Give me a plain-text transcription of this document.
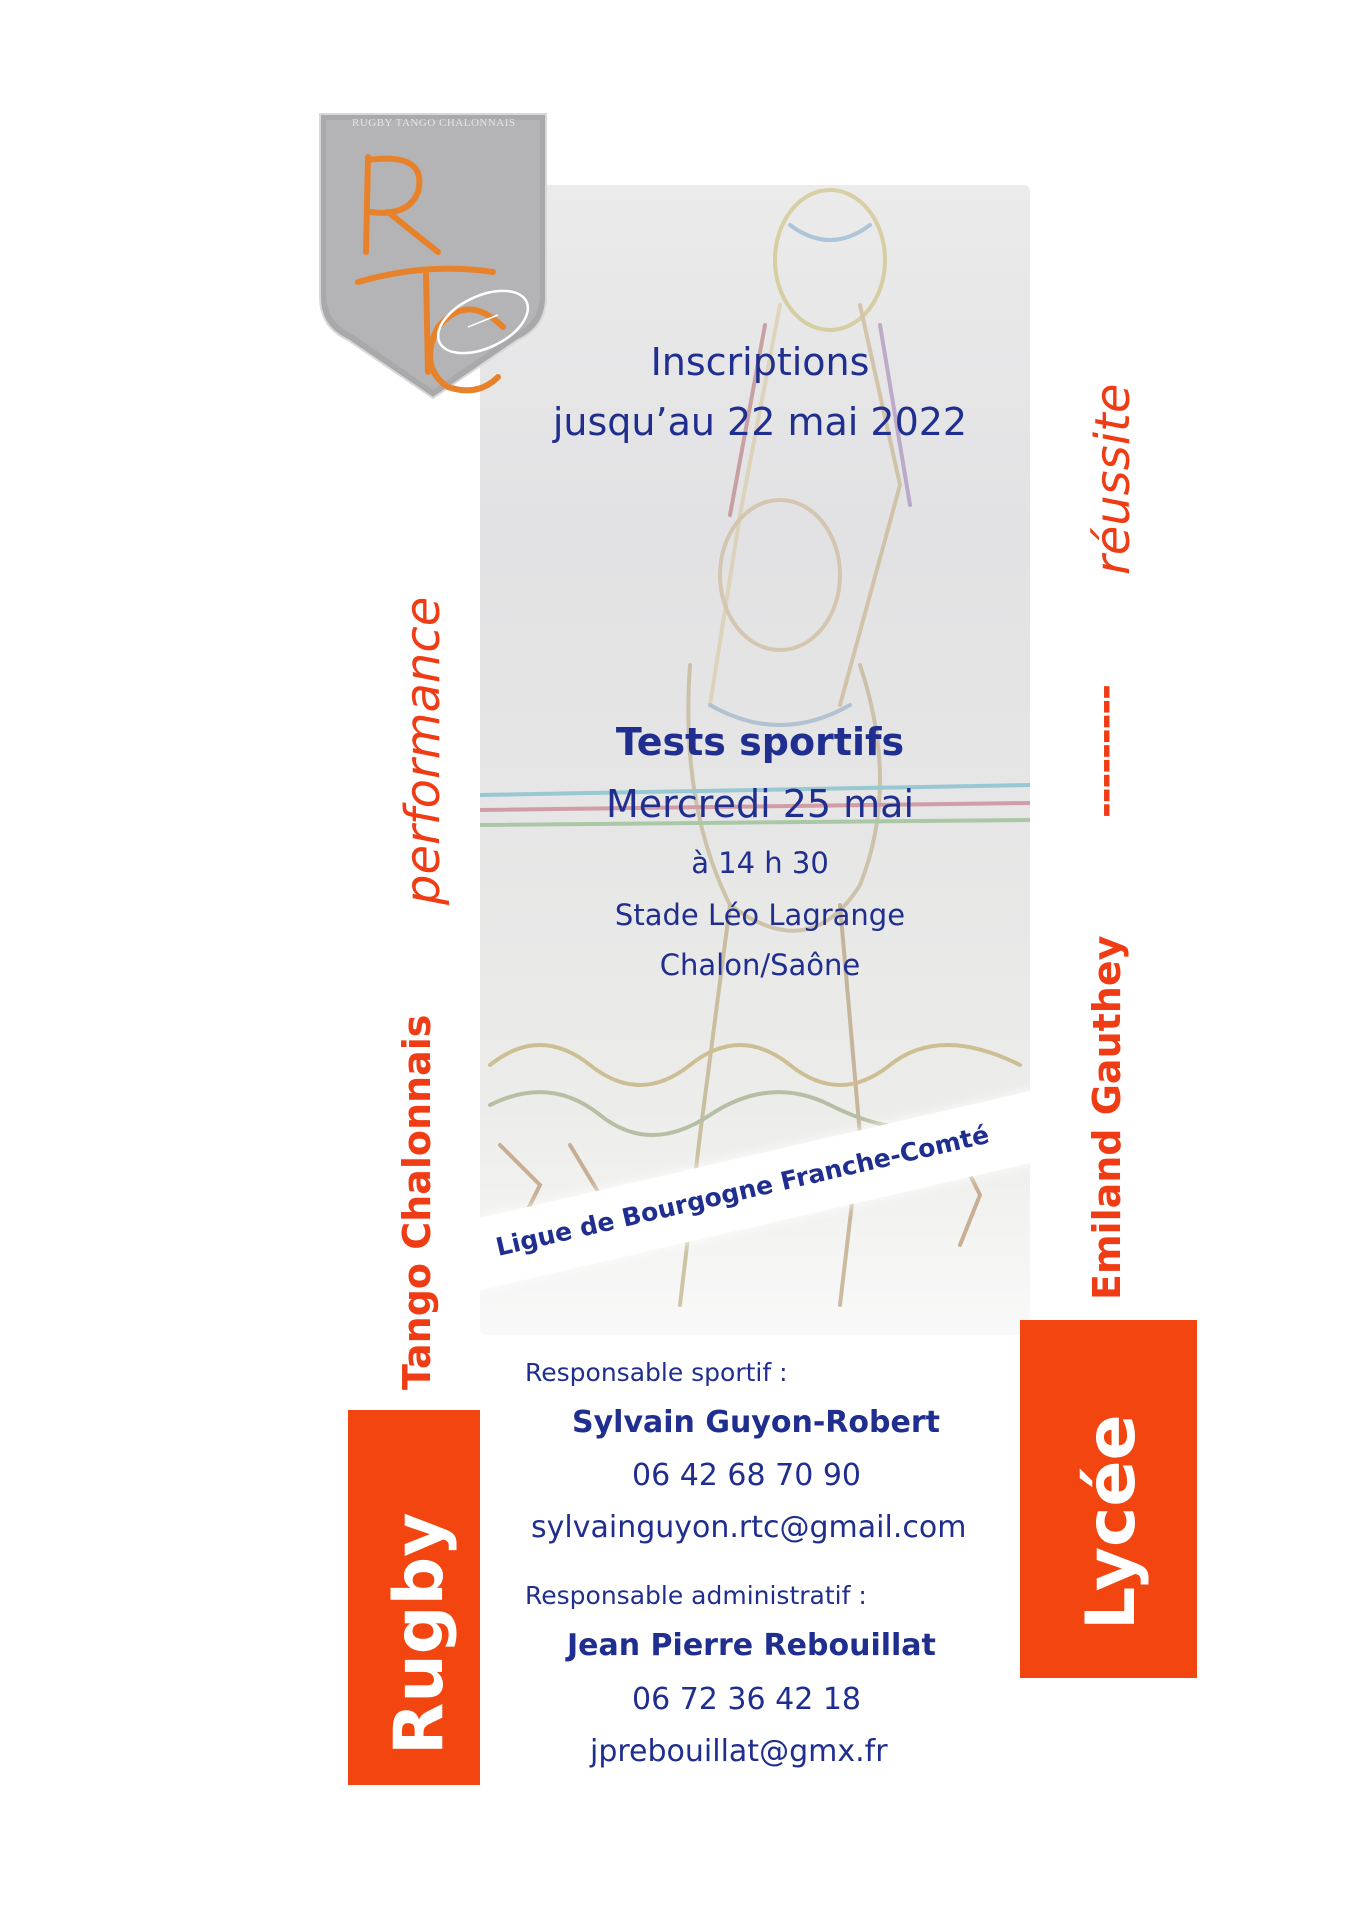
RUGBY TANGO CHALONNAIS
Inscriptions
jusqu’au 22 mai 2022
Tests sportifs
Mercredi 25 mai
à 14 h 30
Stade Léo Lagrange
Chalon/Saône
Ligue de Bourgogne Franche-Comté
Tango Chalonnais
performance
Rugby
Emiland Gauthey
---------
réussite
Lycée
Responsable sportif :
Sylvain Guyon-Robert
06 42 68 70 90
sylvainguyon.rtc@gmail.com
Responsable administratif :
Jean Pierre Rebouillat
06 72 36 42 18
jprebouillat@gmx.fr
